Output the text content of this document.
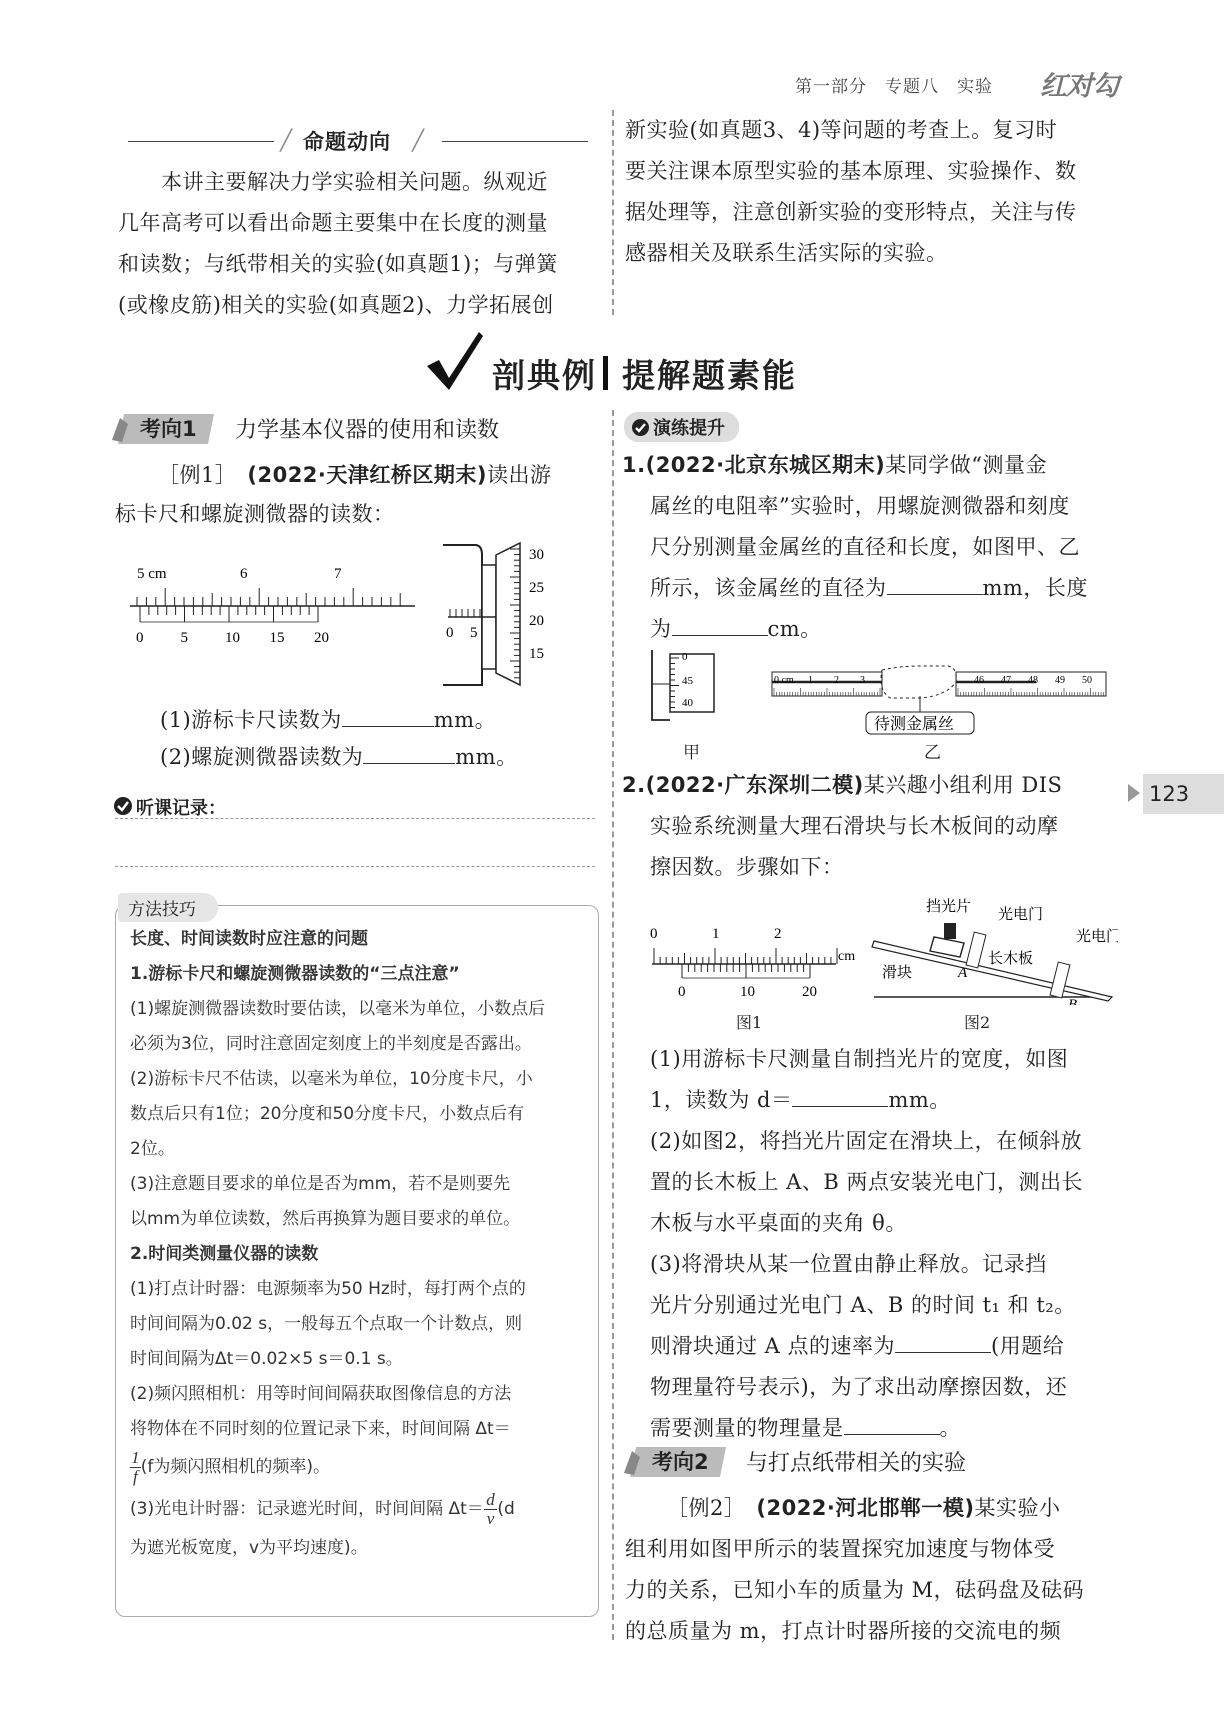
第一部分　专题八　实验 红对勾
╱ 命题动向 ╱
　　本讲主要解决力学实验相关问题。纵观近
几年高考可以看出命题主要集中在长度的测量
和读数；与纸带相关的实验(如真题1)；与弹簧
(或橡皮筋)相关的实验(如真题2)、力学拓展创
新实验(如真题3、4)等问题的考查上。复习时
要关注课本原型实验的基本原理、实验操作、数
据处理等，注意创新实验的变形特点，关注与传
感器相关及联系生活实际的实验。
剖典例 提解题素能
考向1 力学基本仪器的使用和读数
［例1］　 (2022·天津红桥区期末)读出游
标卡尺和螺旋测微器的读数：
5 cm	6	7
0 5 10 15 20
30
25
20
15
0 5
(1)游标卡尺读数为	mm。
(2)螺旋测微器读数为	mm。
听课记录：
方法技巧
长度、时间读数时应注意的问题
1.游标卡尺和螺旋测微器读数的“三点注意”
(1)螺旋测微器读数时要估读，以毫米为单位，小数点后
必须为3位，同时注意固定刻度上的半刻度是否露出。
(2)游标卡尺不估读，以毫米为单位，10分度卡尺，小
数点后只有1位；20分度和50分度卡尺，小数点后有
2位。
(3)注意题目要求的单位是否为mm，若不是则要先
以mm为单位读数，然后再换算为题目要求的单位。
2.时间类测量仪器的读数
(1)打点计时器：电源频率为50 Hz时，每打两个点的
时间间隔为0.02 s，一般每五个点取一个计数点，则
时间间隔为Δt＝0.02×5 s＝0.1 s。
(2)频闪照相机：用等时间间隔获取图像信息的方法
将物体在不同时刻的位置记录下来，时间间隔 Δt＝
$\frac{1}{f} (f$为频闪照相机的频率)。
(3)光电计时器：记录遮光时间，时间间隔 $\Delta t= \frac{d}{v} (d$
为遮光板宽度，v为平均速度)。
演练提升
1.(2022·北京东城区期末)某同学做“测量金
属丝的电阻率”实验时，用螺旋测微器和刻度
尺分别测量金属丝的直径和长度，如图甲、乙
所示，该金属丝的直径为	mm，长度
为	cm。
0
45
40
甲
0 cm 1 2 3	46 47 48 49 50
待测金属丝
乙
2.(2022·广东深圳二模)某兴趣小组利用 DIS
实验系统测量大理石滑块与长木板间的动摩
擦因数。步骤如下：
123
0	1	2
cm
0	10	20
图1
挡光片 光电门
光电门
长木板
滑块	A
B
图2
(1)用游标卡尺测量自制挡光片的宽度，如图
1，读数为 d＝	mm。
(2)如图2，将挡光片固定在滑块上，在倾斜放
置的长木板上 A、B 两点安装光电门，测出长
木板与水平桌面的夹角 θ。
(3)将滑块从某一位置由静止释放。记录挡
光片分别通过光电门 A、B 的时间 t₁ 和 t₂。
则滑块通过 A 点的速率为	(用题给
物理量符号表示)，为了求出动摩擦因数，还
需要测量的物理量是	。
考向2 与打点纸带相关的实验
［例2］　 (2022·河北邯郸一模)某实验小
组利用如图甲所示的装置探究加速度与物体受
力的关系，已知小车的质量为 M，砝码盘及砝码
的总质量为 m，打点计时器所接的交流电的频
